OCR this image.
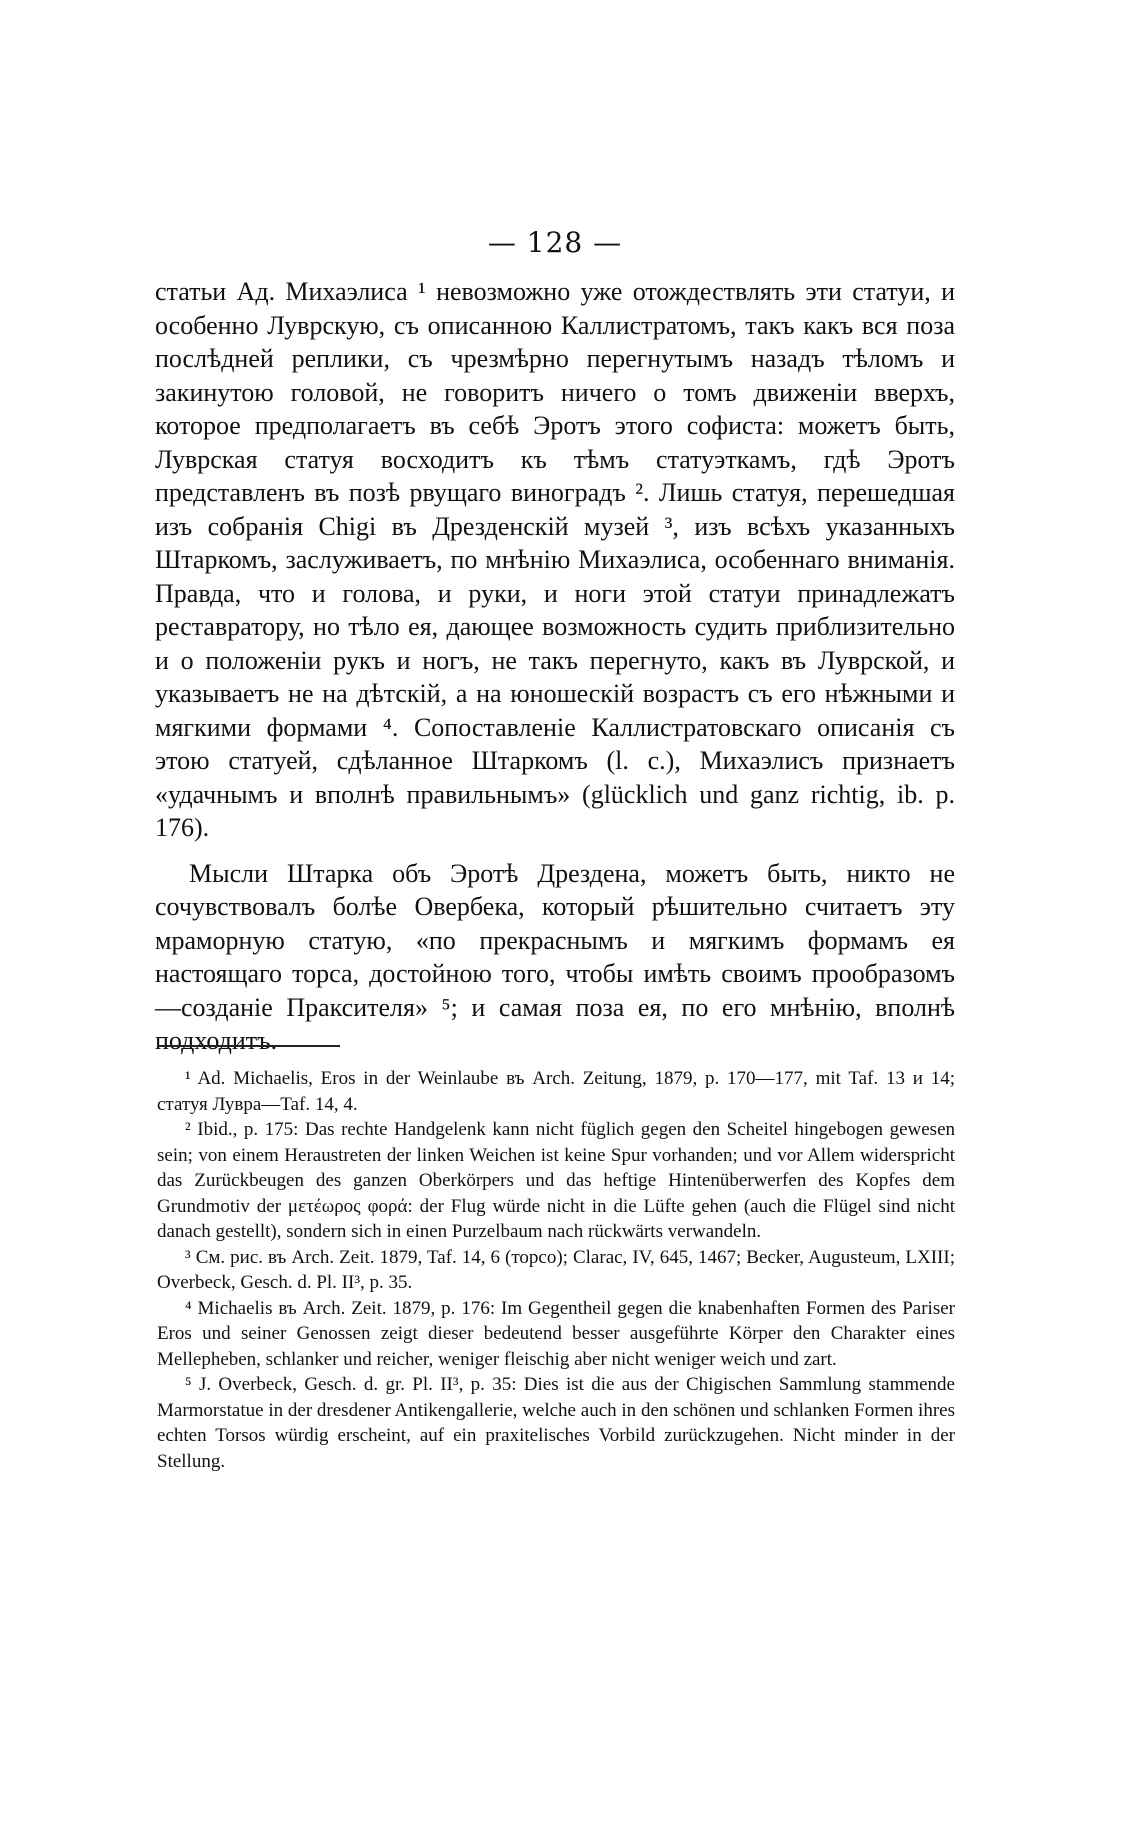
— 128 —

статьи Ад. Михаэлиса ¹ невозможно уже отождествлять эти статуи, и особенно Луврскую, съ описанною Каллистратомъ, такъ какъ вся поза послѣдней реплики, съ чрезмѣрно перегнутымъ назадъ тѣломъ и закинутою головой, не говоритъ ничего о томъ движеніи вверхъ, которое предполагаетъ въ себѣ Эротъ этого софиста: можетъ быть, Луврская статуя восходитъ къ тѣмъ статуэткамъ, гдѣ Эротъ представленъ въ позѣ рвущаго виноградъ ². Лишь статуя, перешедшая изъ собранія Chigi въ Дрезденскій музей ³, изъ всѣхъ указанныхъ Штаркомъ, заслуживаетъ, по мнѣнію Михаэлиса, особеннаго вниманія. Правда, что и голова, и руки, и ноги этой статуи принадлежатъ реставратору, но тѣло ея, дающее возможность судить приблизительно и о положеніи рукъ и ногъ, не такъ перегнуто, какъ въ Луврской, и указываетъ не на дѣтскій, а на юношескій возрастъ съ его нѣжными и мягкими формами ⁴. Сопоставленіе Каллистратовскаго описанія съ этою статуей, сдѣланное Штаркомъ (l. c.), Михаэлисъ признаетъ «удачнымъ и вполнѣ правильнымъ» (glücklich und ganz richtig, ib. p. 176).

Мысли Штарка объ Эротѣ Дрездена, можетъ быть, никто не сочувствовалъ болѣе Овербека, который рѣшительно считаетъ эту мраморную статую, «по прекраснымъ и мягкимъ формамъ ея настоящаго торса, достойною того, чтобы имѣть своимъ прообразомъ—созданіе Праксителя» ⁵; и самая поза ея, по его мнѣнію, вполнѣ подходитъ.

¹ Ad. Michaelis, Eros in der Weinlaube въ Arch. Zeitung, 1879, p. 170—177, mit Taf. 13 и 14; статуя Лувра—Taf. 14, 4.

² Ibid., p. 175: Das rechte Handgelenk kann nicht füglich gegen den Scheitel hingebogen gewesen sein; von einem Heraustreten der linken Weichen ist keine Spur vorhanden; und vor Allem widerspricht das Zurückbeugen des ganzen Oberkörpers und das heftige Hintenüberwerfen des Kopfes dem Grundmotiv der μετέωρος φορά: der Flug würde nicht in die Lüfte gehen (auch die Flügel sind nicht danach gestellt), sondern sich in einen Purzelbaum nach rückwärts verwandeln.

³ См. рис. въ Arch. Zeit. 1879, Taf. 14, 6 (торсо); Clarac, IV, 645, 1467; Becker, Augusteum, LXIII; Overbeck, Gesch. d. Pl. II³, p. 35.

⁴ Michaelis въ Arch. Zeit. 1879, p. 176: Im Gegentheil gegen die knabenhaften Formen des Pariser Eros und seiner Genossen zeigt dieser bedeutend besser ausgeführte Körper den Charakter eines Mellepheben, schlanker und reicher, weniger fleischig aber nicht weniger weich und zart.

⁵ J. Overbeck, Gesch. d. gr. Pl. II³, p. 35: Dies ist die aus der Chigischen Sammlung stammende Marmorstatue in der dresdener Antikengallerie, welche auch in den schönen und schlanken Formen ihres echten Torsos würdig erscheint, auf ein praxitelisches Vorbild zurückzugehen. Nicht minder in der Stellung.
